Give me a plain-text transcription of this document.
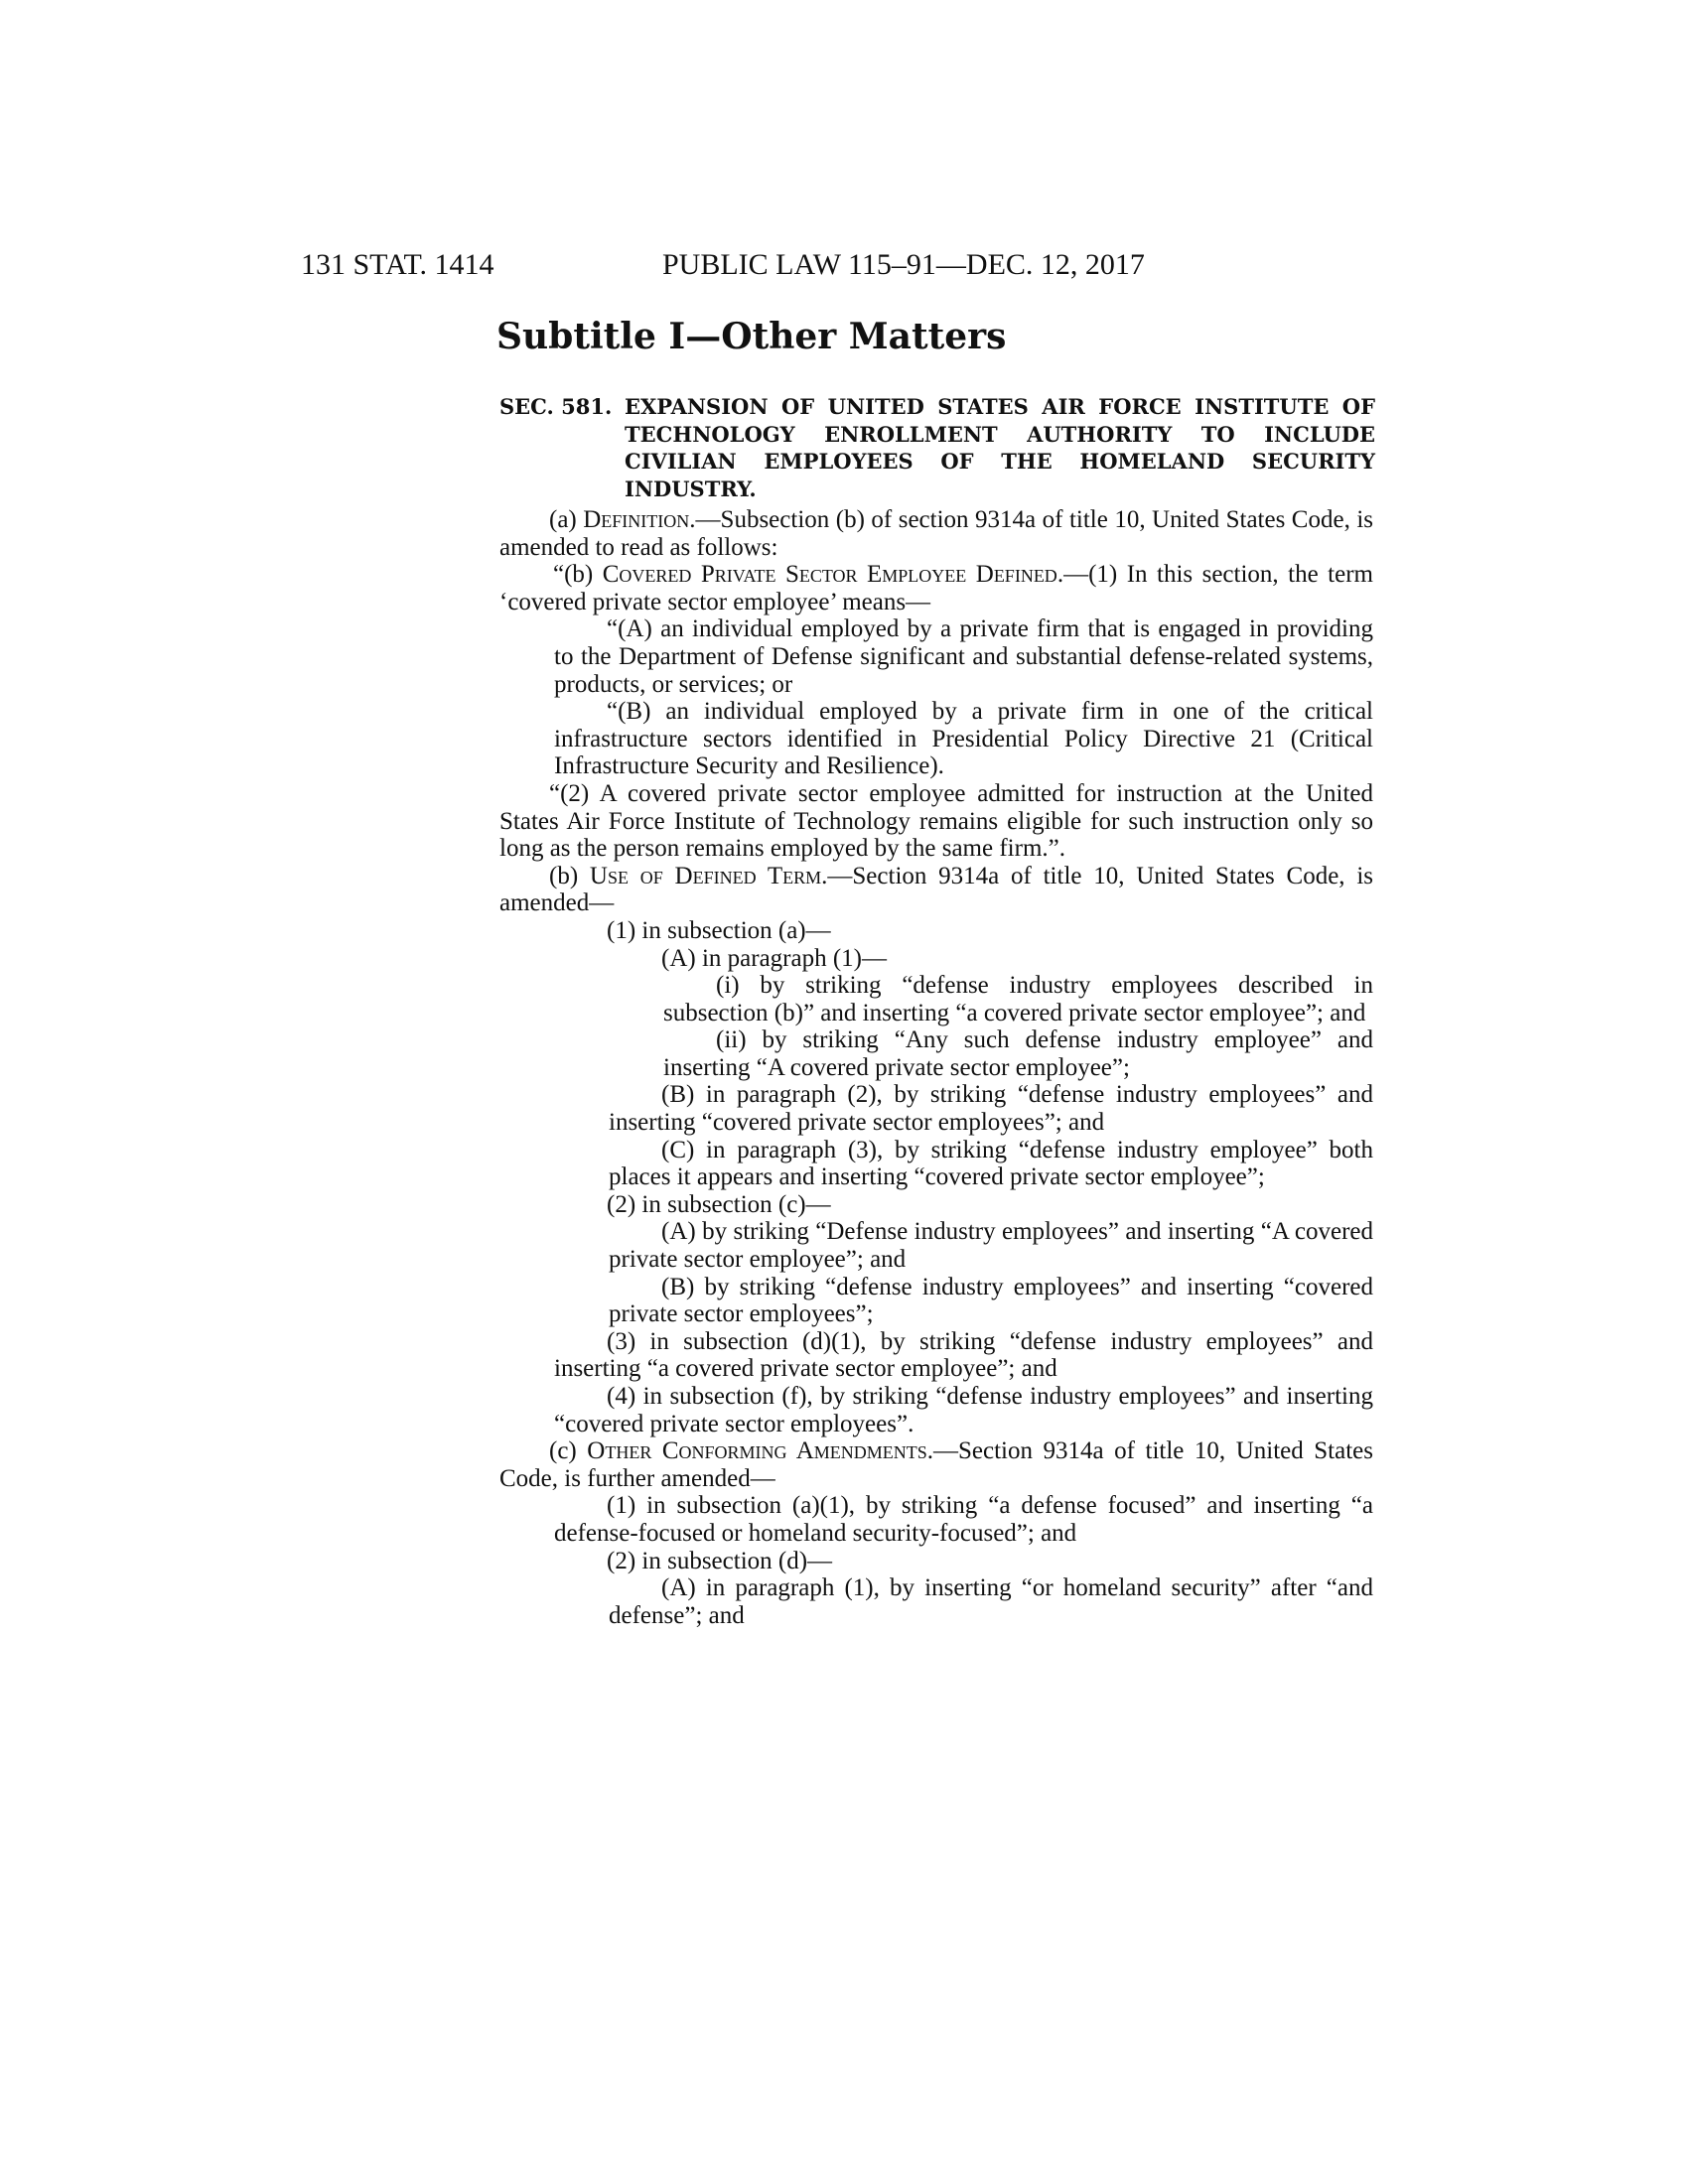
131 STAT. 1414	PUBLIC LAW 115–91—DEC. 12, 2017
Subtitle I—Other Matters
SEC. 581. EXPANSION OF UNITED STATES AIR FORCE INSTITUTE OF TECHNOLOGY ENROLLMENT AUTHORITY TO INCLUDE CIVILIAN EMPLOYEES OF THE HOMELAND SECURITY INDUSTRY.

(a) Definition.—Subsection (b) of section 9314a of title 10, United States Code, is amended to read as follows:

“(b) Covered Private Sector Employee Defined.—(1) In this section, the term ‘covered private sector employee’ means—

“(A) an individual employed by a private firm that is engaged in providing to the Department of Defense significant and substantial defense-related systems, products, or services; or

“(B) an individual employed by a private firm in one of the critical infrastructure sectors identified in Presidential Policy Directive 21 (Critical Infrastructure Security and Resilience).

“(2) A covered private sector employee admitted for instruction at the United States Air Force Institute of Technology remains eligible for such instruction only so long as the person remains employed by the same firm.”.

(b) Use of Defined Term.—Section 9314a of title 10, United States Code, is amended—

(1) in subsection (a)—

(A) in paragraph (1)—

(i) by striking “defense industry employees described in subsection (b)” and inserting “a covered private sector employee”; and

(ii) by striking “Any such defense industry employee” and inserting “A covered private sector employee”;

(B) in paragraph (2), by striking “defense industry employees” and inserting “covered private sector employees”; and

(C) in paragraph (3), by striking “defense industry employee” both places it appears and inserting “covered private sector employee”;

(2) in subsection (c)—

(A) by striking “Defense industry employees” and inserting “A covered private sector employee”; and

(B) by striking “defense industry employees” and inserting “covered private sector employees”;

(3) in subsection (d)(1), by striking “defense industry employees” and inserting “a covered private sector employee”; and

(4) in subsection (f), by striking “defense industry employees” and inserting “covered private sector employees”.

(c) Other Conforming Amendments.—Section 9314a of title 10, United States Code, is further amended—

(1) in subsection (a)(1), by striking “a defense focused” and inserting “a defense-focused or homeland security-focused”; and

(2) in subsection (d)—

(A) in paragraph (1), by inserting “or homeland security” after “and defense”; and
